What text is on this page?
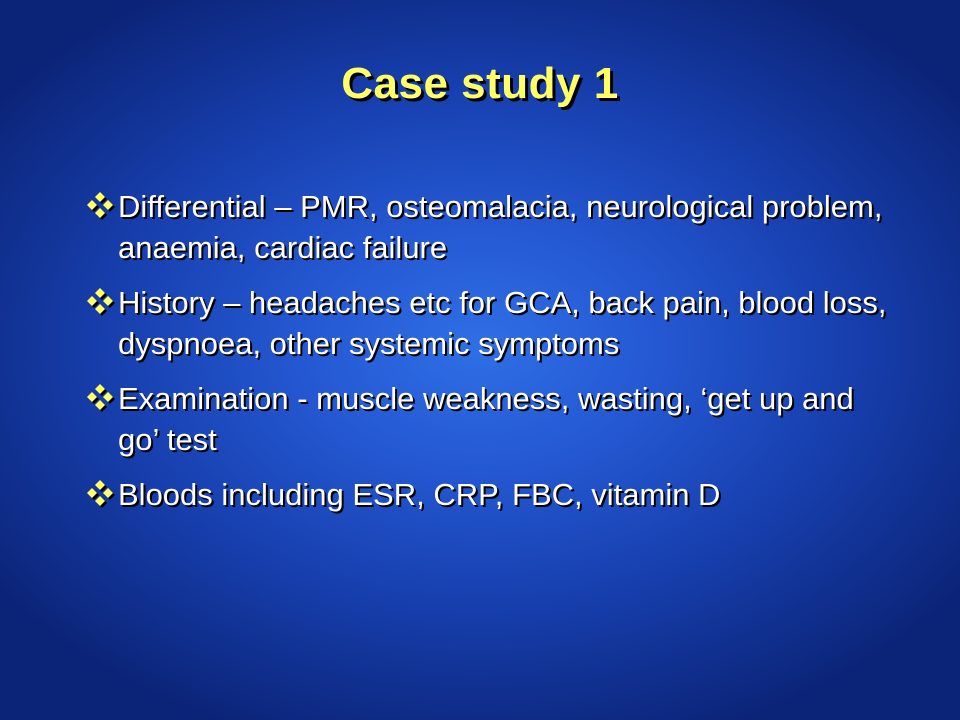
Case study 1
Differential – PMR, osteomalacia, neurological problem, anaemia, cardiac failure
History – headaches etc for GCA, back pain, blood loss, dyspnoea, other systemic symptoms
Examination - muscle weakness, wasting, ‘get up and go’ test
Bloods including ESR, CRP, FBC, vitamin D
